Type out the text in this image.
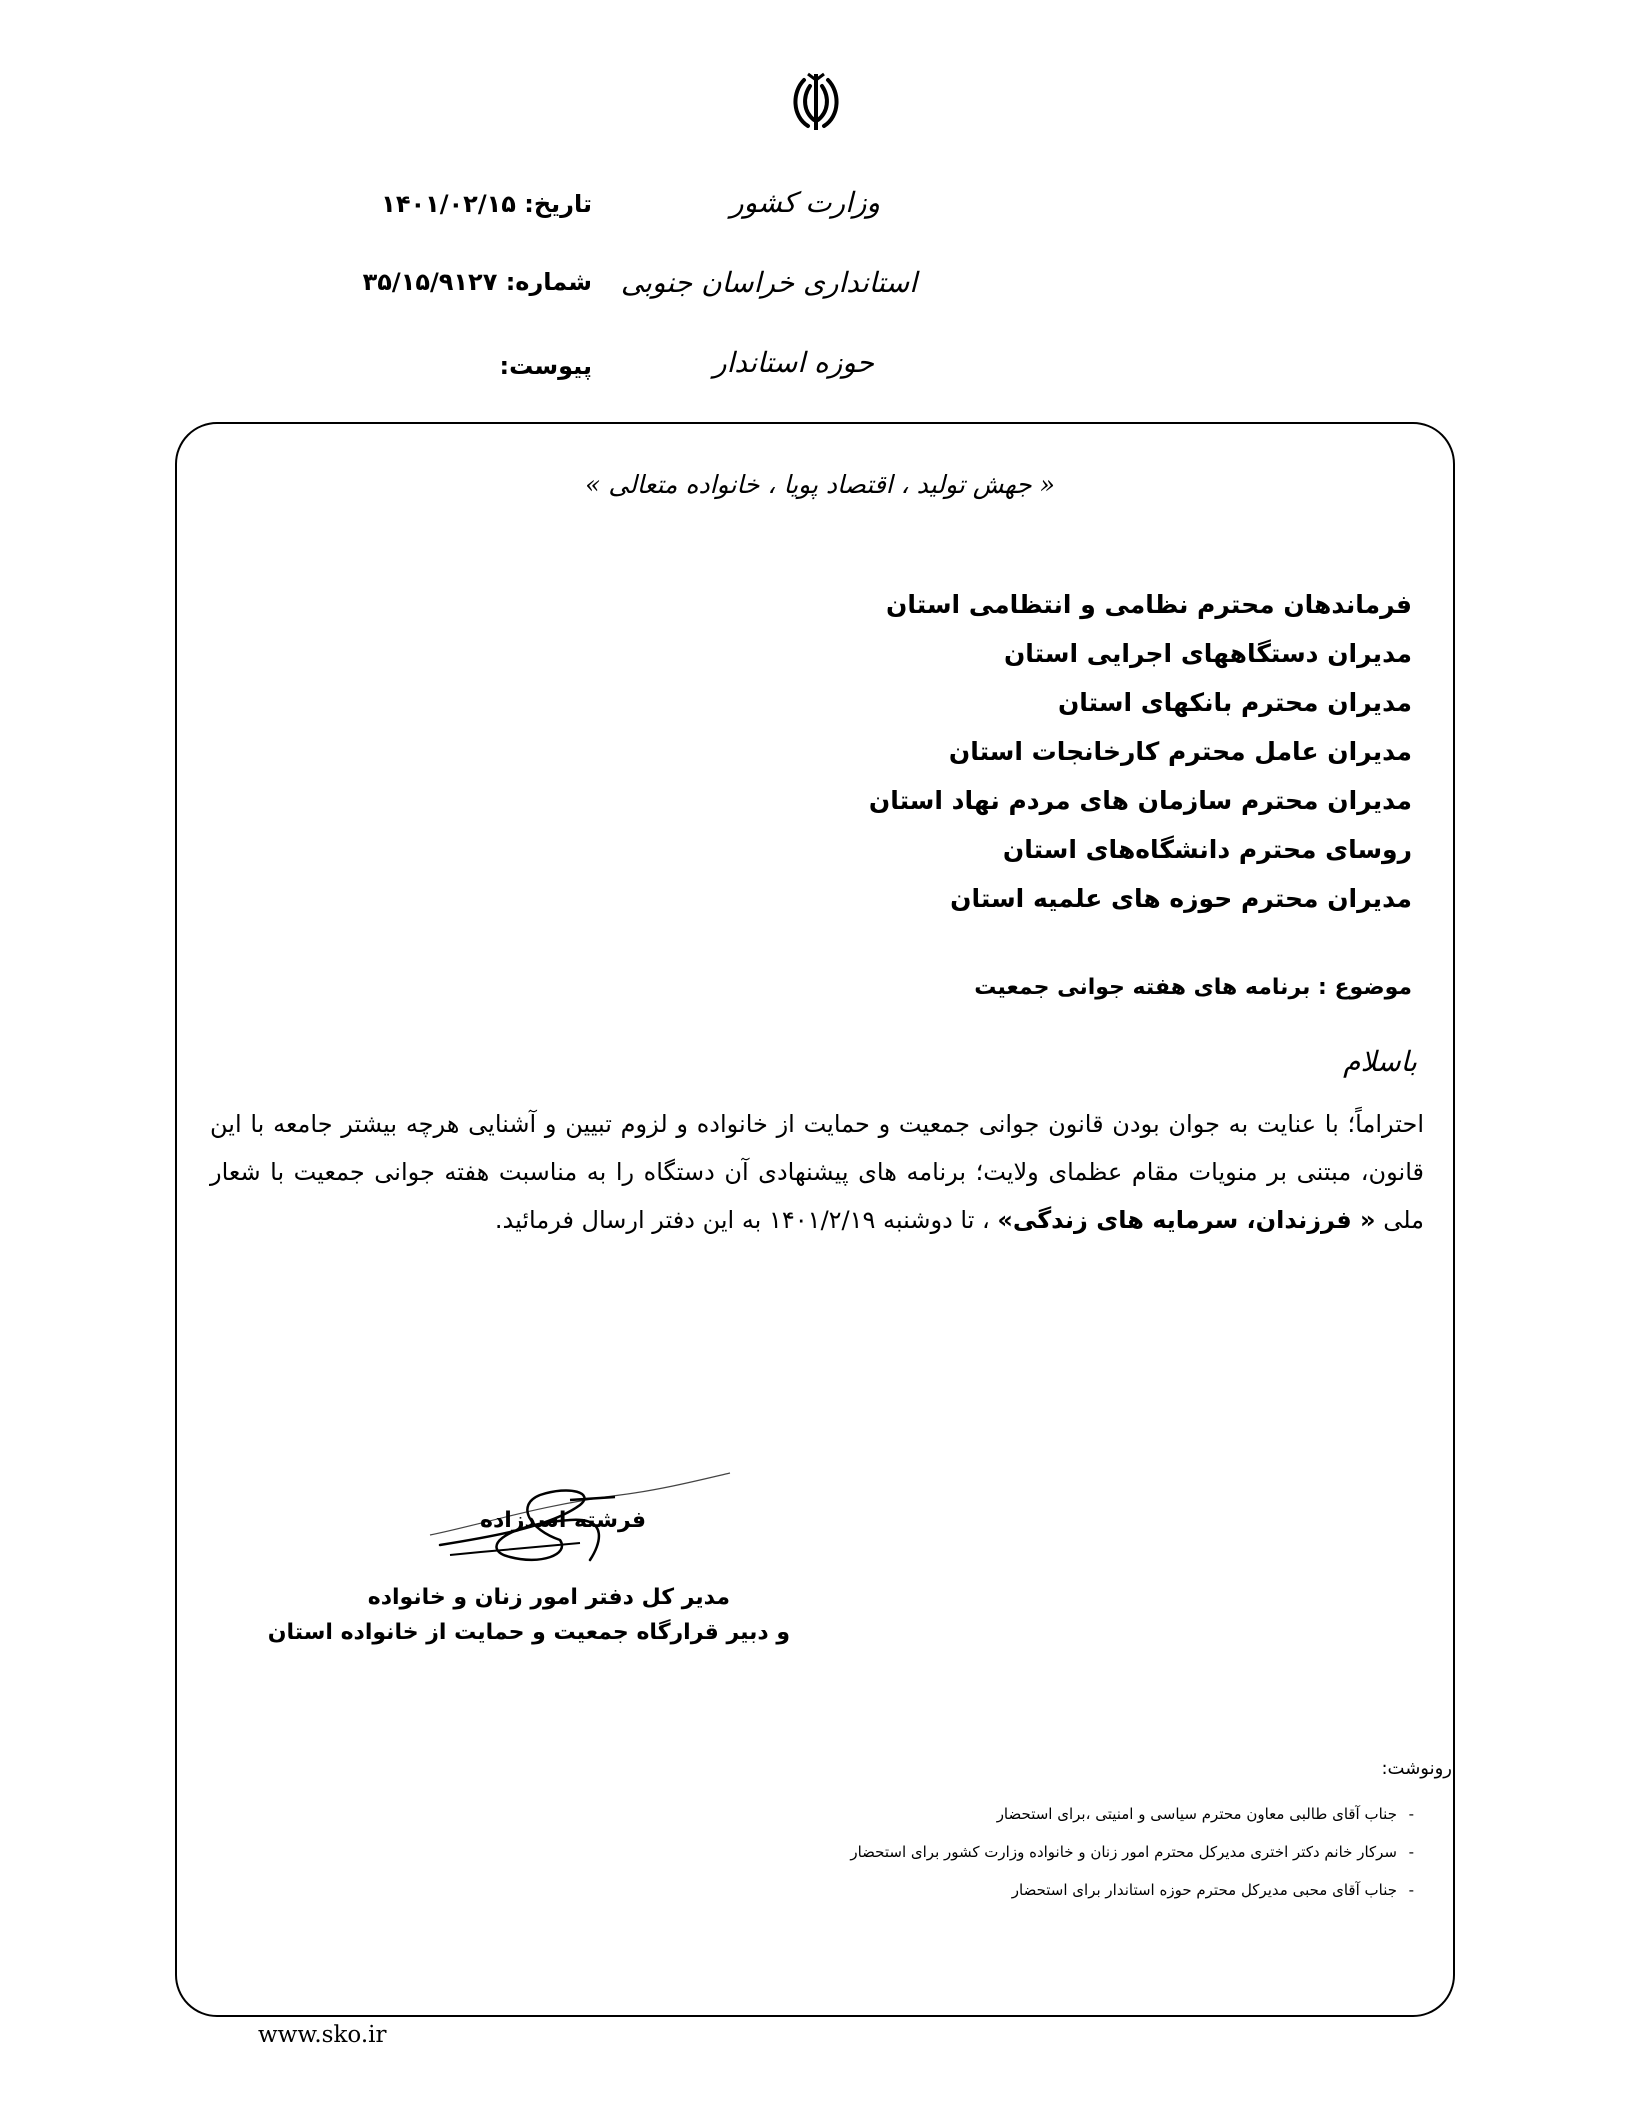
تاریخ: ۱۴۰۱/۰۲/۱۵
شماره: ۳۵/۱۵/۹۱۲۷
پیوست:
وزارت کشور
استانداری خراسان جنوبی
حوزه استاندار
« جهش تولید ، اقتصاد پویا ، خانواده متعالی »
فرماندهان محترم نظامی و انتظامی استان
مدیران دستگاههای اجرایی استان
مدیران محترم بانکهای استان
مدیران عامل محترم کارخانجات استان
مدیران محترم سازمان های مردم نهاد استان
روسای محترم دانشگاه‌های استان
مدیران محترم حوزه های علمیه استان
موضوع : برنامه های هفته جوانی جمعیت
باسلام
احتراماً؛ با عنایت به جوان بودن قانون جوانی جمعیت و حمایت از خانواده و لزوم تبیین و آشنایی هرچه بیشتر جامعه با این قانون، مبتنی بر منویات مقام عظمای ولایت؛ برنامه های پیشنهادی آن دستگاه را به مناسبت هفته جوانی جمعیت با شعار ملی « فرزندان، سرمایه های زندگی» ، تا دوشنبه ۱۴۰۱/۲/۱۹ به این دفتر ارسال فرمائید.
فرشته اسدزاده
مدیر کل دفتر امور زنان و خانواده
و دبیر قرارگاه جمعیت و حمایت از خانواده استان
رونوشت:
-
جناب آقای طالبی معاون محترم سیاسی و امنیتی ،برای استحضار
-
سرکار خانم دکتر اختری مدیرکل محترم امور زنان و خانواده وزارت کشور برای استحضار
-
جناب آقای محبی مدیرکل محترم حوزه استاندار برای استحضار
www.sko.ir
